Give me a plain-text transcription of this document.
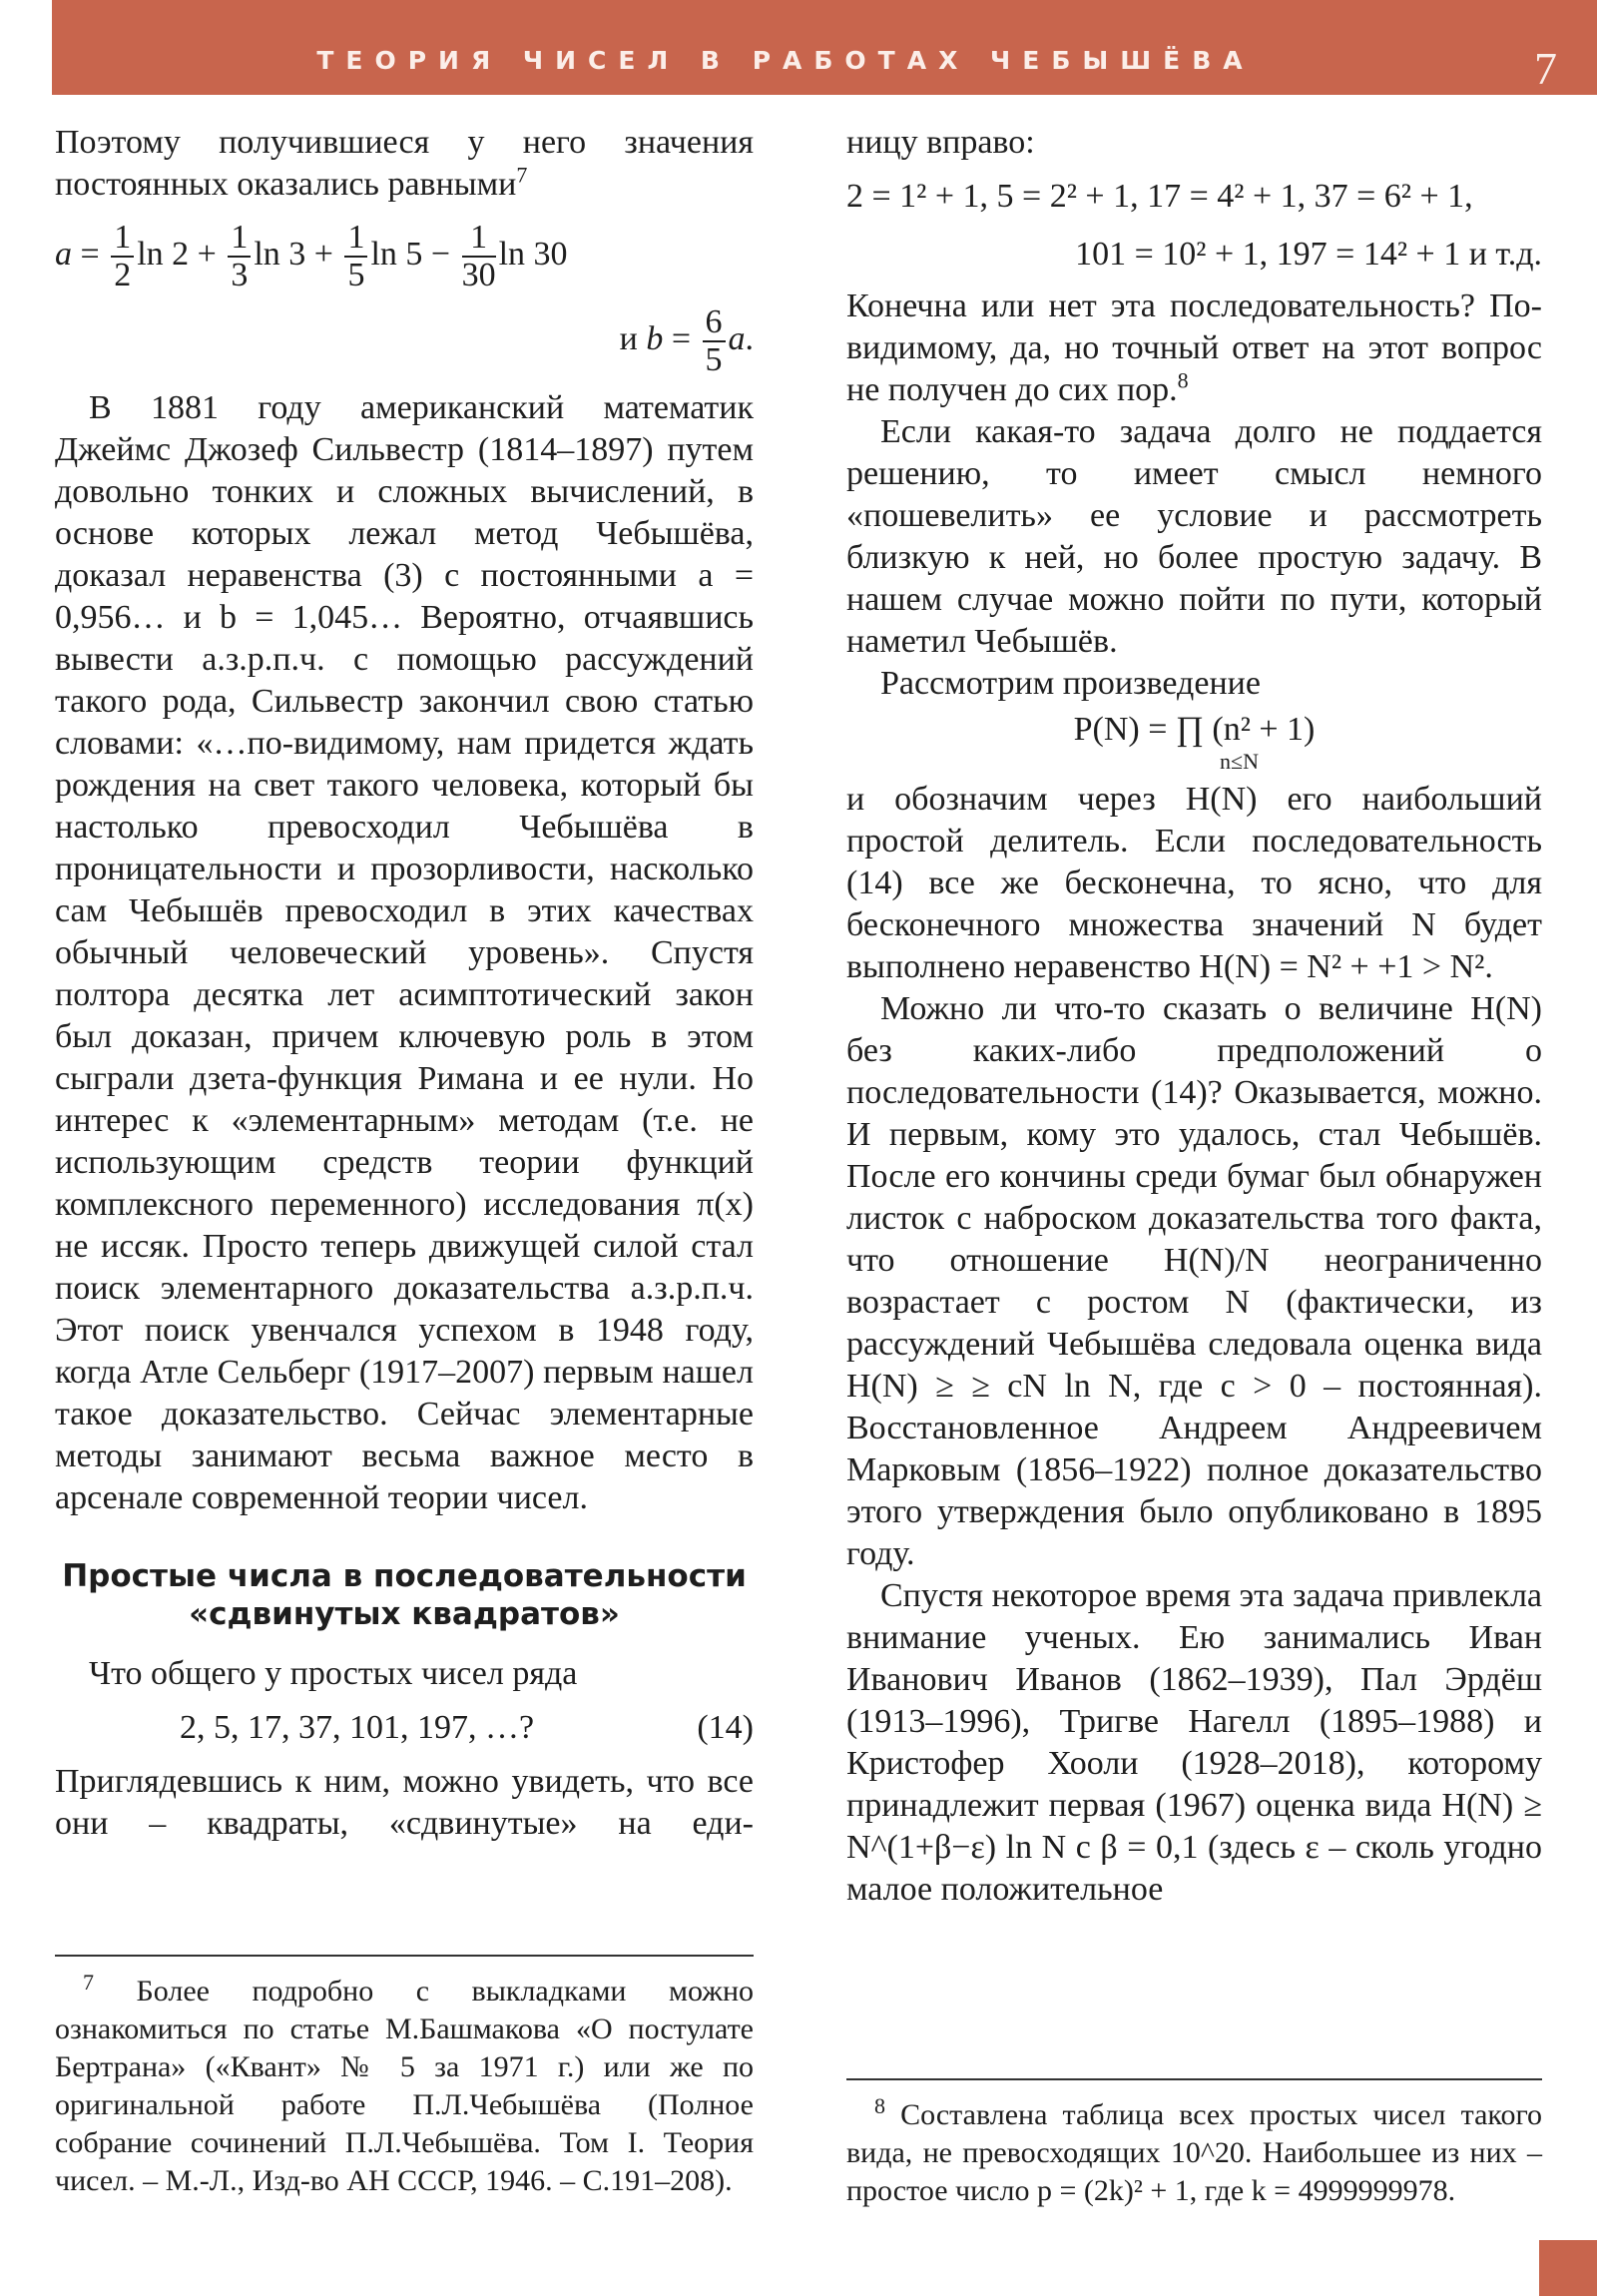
ТЕОРИЯ ЧИСЕЛ В РАБОТАХ ЧЕБЫШЁВА	7

Поэтому получившиеся у него значения постоянных оказались равными$^7$

$a = \frac{1}{2}$ $\ln 2 + \frac{1}{3}$ $\ln 3 + \frac{1}{5}$ $\ln 5 - \frac{1}{30}$ ln 30
и $b = \frac{6}{5} a$.

В 1881 году американский математик Джеймс Джозеф Сильвестр (1814–1897) путем довольно тонких и сложных вычислений, в основе которых лежал метод Чебышёва, доказал неравенства (3) с постоянными a = 0,956… и b = 1,045… Вероятно, отчаявшись вывести а.з.р.п.ч. с помощью рассуждений такого рода, Сильвестр закончил свою статью словами: «…по-видимому, нам придется ждать рождения на свет такого человека, который бы настолько превосходил Чебышёва в проницательности и прозорливости, насколько сам Чебышёв превосходил в этих качествах обычный человеческий уровень». Спустя полтора десятка лет асимптотический закон был доказан, причем ключевую роль в этом сыграли дзета-функция Римана и ее нули. Но интерес к «элементарным» методам (т.е. не использующим средств теории функций комплексного переменного) исследования π(x) не иссяк. Просто теперь движущей силой стал поиск элементарного доказательства а.з.р.п.ч. Этот поиск увенчался успехом в 1948 году, когда Атле Сельберг (1917–2007) первым нашел такое доказательство. Сейчас элементарные методы занимают весьма важное место в арсенале современной теории чисел.

Простые числа в последовательности «сдвинутых квадратов»

Что общего у простых чисел ряда

2, 5, 17, 37, 101, 197, …?	(14)

Приглядевшись к ним, можно увидеть, что все они – квадраты, «сдвинутые» на еди-

ницу вправо:

2 = 1² + 1, 5 = 2² + 1, 17 = 4² + 1, 37 = 6² + 1,
101 = 10² + 1, 197 = 14² + 1 и т.д.

Конечна или нет эта последовательность? По-видимому, да, но точный ответ на этот вопрос не получен до сих пор.$^8$

Если какая-то задача долго не поддается решению, то имеет смысл немного «пошевелить» ее условие и рассмотреть близкую к ней, но более простую задачу. В нашем случае можно пойти по пути, который наметил Чебышёв.

Рассмотрим произведение

P(N) = ∏ (n² + 1)
n≤N

и обозначим через H(N) его наибольший простой делитель. Если последовательность (14) все же бесконечна, то ясно, что для бесконечного множества значений N будет выполнено неравенство H(N) = N² + +1 > N².

Можно ли что-то сказать о величине H(N) без каких-либо предположений о последовательности (14)? Оказывается, можно. И первым, кому это удалось, стал Чебышёв. После его кончины среди бумаг был обнаружен листок с наброском доказательства того факта, что отношение H(N)/N неограниченно возрастает с ростом N (фактически, из рассуждений Чебышёва следовала оценка вида H(N) ≥ ≥ cN ln N, где c > 0 – постоянная). Восстановленное Андреем Андреевичем Марковым (1856–1922) полное доказательство этого утверждения было опубликовано в 1895 году.

Спустя некоторое время эта задача привлекла внимание ученых. Ею занимались Иван Иванович Иванов (1862–1939), Пал Эрдёш (1913–1996), Тригве Нагелл (1895–1988) и Кристофер Хооли (1928–2018), которому принадлежит первая (1967) оценка вида H(N) ≥ N^(1+β−ε) ln N с β = 0,1 (здесь ε – сколь угодно малое положительное

$^7$ Более подробно с выкладками можно ознакомиться по статье М.Башмакова «О постулате Бертрана» («Квант» № 5 за 1971 г.) или же по оригинальной работе П.Л.Чебышёва (Полное собрание сочинений П.Л.Чебышёва. Том I. Теория чисел. – М.-Л., Изд-во АН СССР, 1946. – С.191–208).

$^8$ Составлена таблица всех простых чисел такого вида, не превосходящих 10^20. Наибольшее из них – простое число p = (2k)² + 1, где k = 4999999978.
